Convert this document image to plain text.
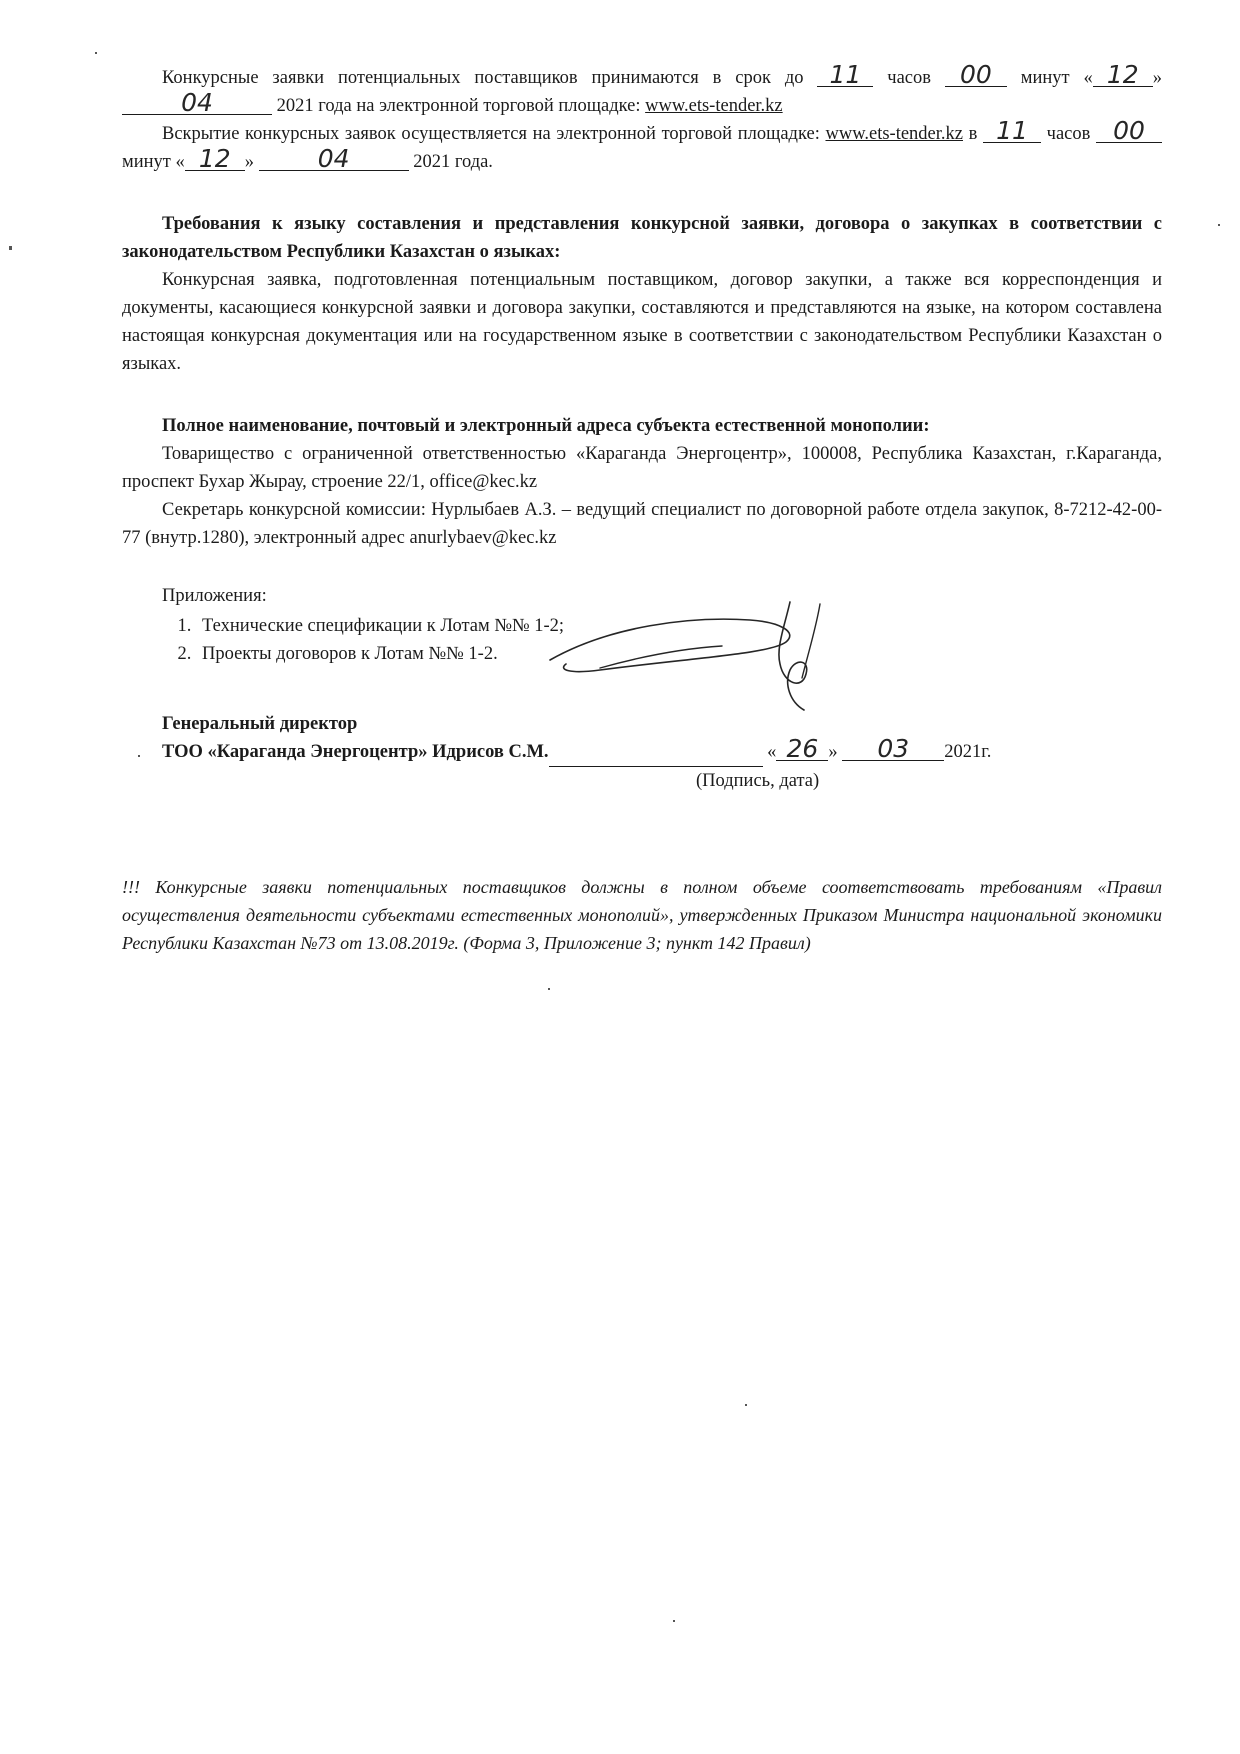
Конкурсные заявки потенциальных поставщиков принимаются в срок до 11 часов 00 минут « 12 » 04	2021 года на электронной торговой площадке: www.ets-tender.kz

Вскрытие конкурсных заявок осуществляется на электронной торговой площадке: www.ets-tender.kz в 11 часов 00 минут « 12 »	04	2021 года.

Требования к языку составления и представления конкурсной заявки, договора о закупках в соответствии с законодательством Республики Казахстан о языках:

Конкурсная заявка, подготовленная потенциальным поставщиком, договор закупки, а также вся корреспонденция и документы, касающиеся конкурсной заявки и договора закупки, составляются и представляются на языке, на котором составлена настоящая конкурсная документация или на государственном языке в соответствии с законодательством Республики Казахстан о языках.

Полное наименование, почтовый и электронный адреса субъекта естественной монополии:

Товарищество с ограниченной ответственностью «Караганда Энергоцентр», 100008, Республика Казахстан, г.Караганда, проспект Бухар Жырау, строение 22/1, office@kec.kz

Секретарь конкурсной комиссии: Нурлыбаев А.З. – ведущий специалист по договорной работе отдела закупок, 8-7212-42-00-77 (внутр.1280), электронный адрес anurlybaev@kec.kz

Приложения:
1. Технические спецификации к Лотам №№ 1-2;
2. Проекты договоров к Лотам №№ 1-2.

Генеральный директор

ТОО «Караганда Энергоцентр» Идрисов С.М.	« 26 » 03 2021г.

(Подпись, дата)

!!! Конкурсные заявки потенциальных поставщиков должны в полном объеме соответствовать требованиям «Правил осуществления деятельности субъектами естественных монополий», утвержденных Приказом Министра национальной экономики Республики Казахстан №73 от 13.08.2019г. (Форма 3, Приложение 3; пункт 142 Правил)
